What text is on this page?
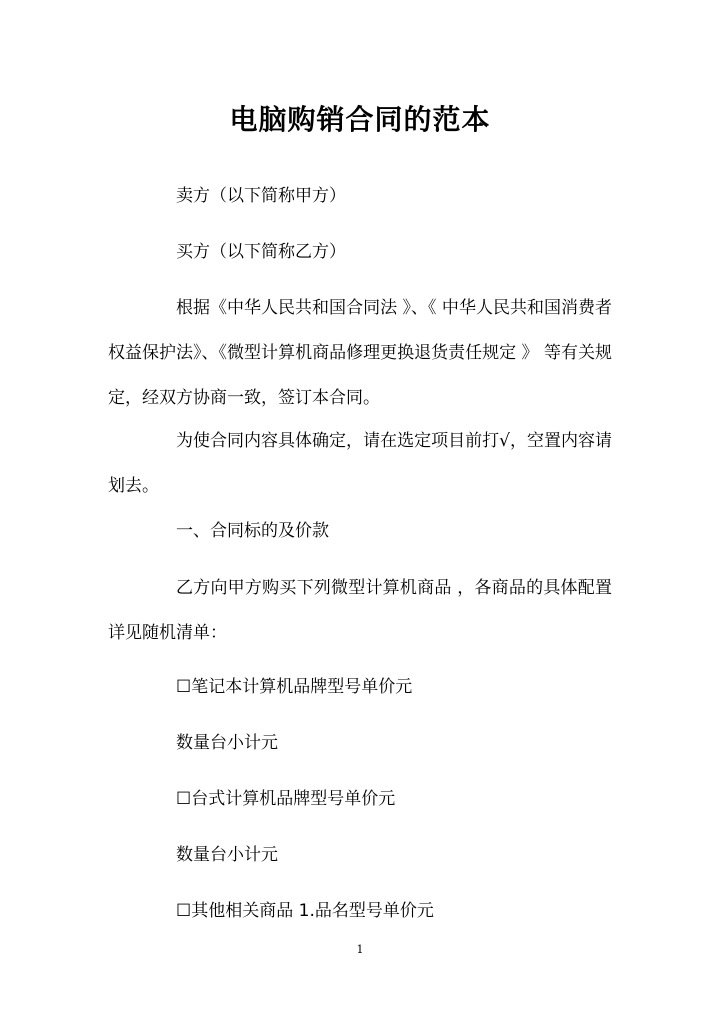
电脑购销合同的范本

卖方（以下简称甲方）

买方（以下简称乙方）

根据《中华人民共和国合同法 》、《 中华人民共和国消费者权益保护法》、《微型计算机商品修理更换退货责任规定 》 等有关规定，经双方协商一致，签订本合同。

为使合同内容具体确定，请在选定项目前打√，空置内容请划去。

一、合同标的及价款

乙方向甲方购买下列微型计算机商品 ，各商品的具体配置详见随机清单：

☐笔记本计算机品牌型号单价元

数量台小计元

☐台式计算机品牌型号单价元

数量台小计元

☐其他相关商品 1.品名型号单价元

1
